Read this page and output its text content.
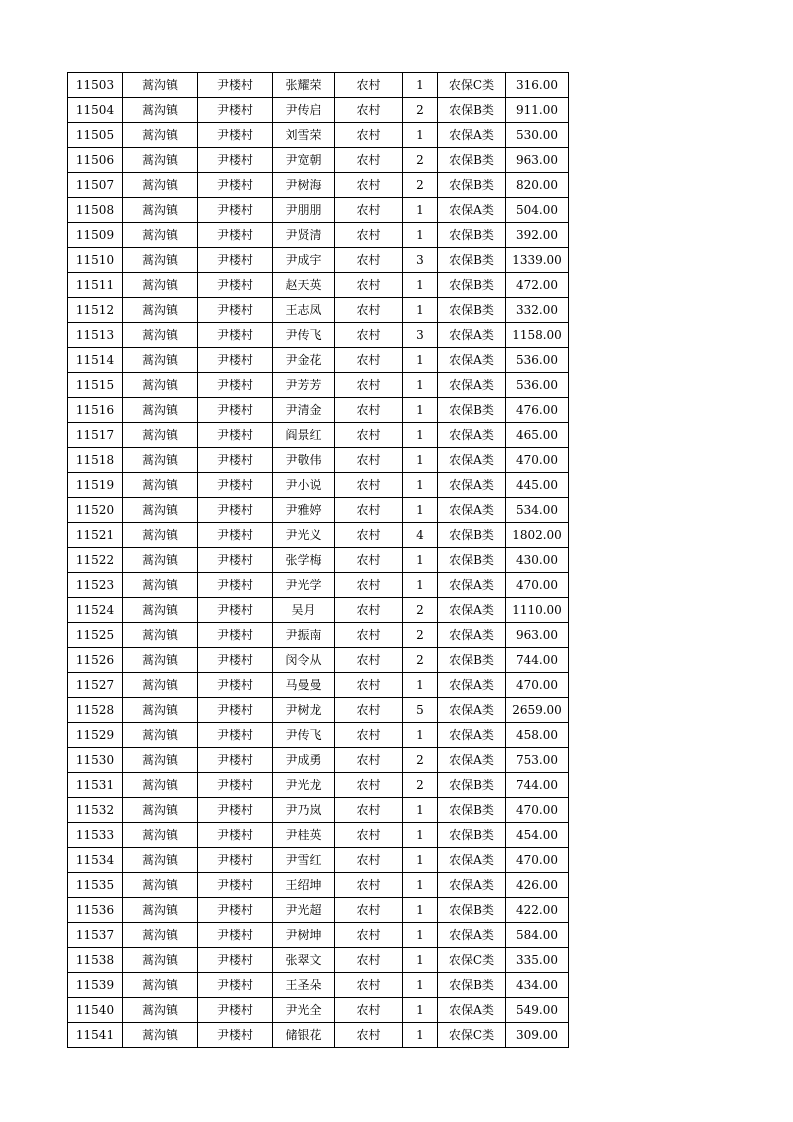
11503	蒿沟镇	尹楼村	张耀荣	农村	1	农保C类	316.00
11504	蒿沟镇	尹楼村	尹传启	农村	2	农保B类	911.00
11505	蒿沟镇	尹楼村	刘雪荣	农村	1	农保A类	530.00
11506	蒿沟镇	尹楼村	尹宽朝	农村	2	农保B类	963.00
11507	蒿沟镇	尹楼村	尹树海	农村	2	农保B类	820.00
11508	蒿沟镇	尹楼村	尹朋朋	农村	1	农保A类	504.00
11509	蒿沟镇	尹楼村	尹贤清	农村	1	农保B类	392.00
11510	蒿沟镇	尹楼村	尹成宇	农村	3	农保B类	1339.00
11511	蒿沟镇	尹楼村	赵天英	农村	1	农保B类	472.00
11512	蒿沟镇	尹楼村	王志凤	农村	1	农保B类	332.00
11513	蒿沟镇	尹楼村	尹传飞	农村	3	农保A类	1158.00
11514	蒿沟镇	尹楼村	尹金花	农村	1	农保A类	536.00
11515	蒿沟镇	尹楼村	尹芳芳	农村	1	农保A类	536.00
11516	蒿沟镇	尹楼村	尹清金	农村	1	农保B类	476.00
11517	蒿沟镇	尹楼村	阎景红	农村	1	农保A类	465.00
11518	蒿沟镇	尹楼村	尹敬伟	农村	1	农保A类	470.00
11519	蒿沟镇	尹楼村	尹小说	农村	1	农保A类	445.00
11520	蒿沟镇	尹楼村	尹雅婷	农村	1	农保A类	534.00
11521	蒿沟镇	尹楼村	尹光义	农村	4	农保B类	1802.00
11522	蒿沟镇	尹楼村	张学梅	农村	1	农保B类	430.00
11523	蒿沟镇	尹楼村	尹光学	农村	1	农保A类	470.00
11524	蒿沟镇	尹楼村	吴月	农村	2	农保A类	1110.00
11525	蒿沟镇	尹楼村	尹振南	农村	2	农保A类	963.00
11526	蒿沟镇	尹楼村	闵令从	农村	2	农保B类	744.00
11527	蒿沟镇	尹楼村	马曼曼	农村	1	农保A类	470.00
11528	蒿沟镇	尹楼村	尹树龙	农村	5	农保A类	2659.00
11529	蒿沟镇	尹楼村	尹传飞	农村	1	农保A类	458.00
11530	蒿沟镇	尹楼村	尹成勇	农村	2	农保A类	753.00
11531	蒿沟镇	尹楼村	尹光龙	农村	2	农保B类	744.00
11532	蒿沟镇	尹楼村	尹乃岚	农村	1	农保B类	470.00
11533	蒿沟镇	尹楼村	尹桂英	农村	1	农保B类	454.00
11534	蒿沟镇	尹楼村	尹雪红	农村	1	农保A类	470.00
11535	蒿沟镇	尹楼村	王绍坤	农村	1	农保A类	426.00
11536	蒿沟镇	尹楼村	尹光超	农村	1	农保B类	422.00
11537	蒿沟镇	尹楼村	尹树坤	农村	1	农保A类	584.00
11538	蒿沟镇	尹楼村	张翠文	农村	1	农保C类	335.00
11539	蒿沟镇	尹楼村	王圣朵	农村	1	农保B类	434.00
11540	蒿沟镇	尹楼村	尹光全	农村	1	农保A类	549.00
11541	蒿沟镇	尹楼村	储银花	农村	1	农保C类	309.00
